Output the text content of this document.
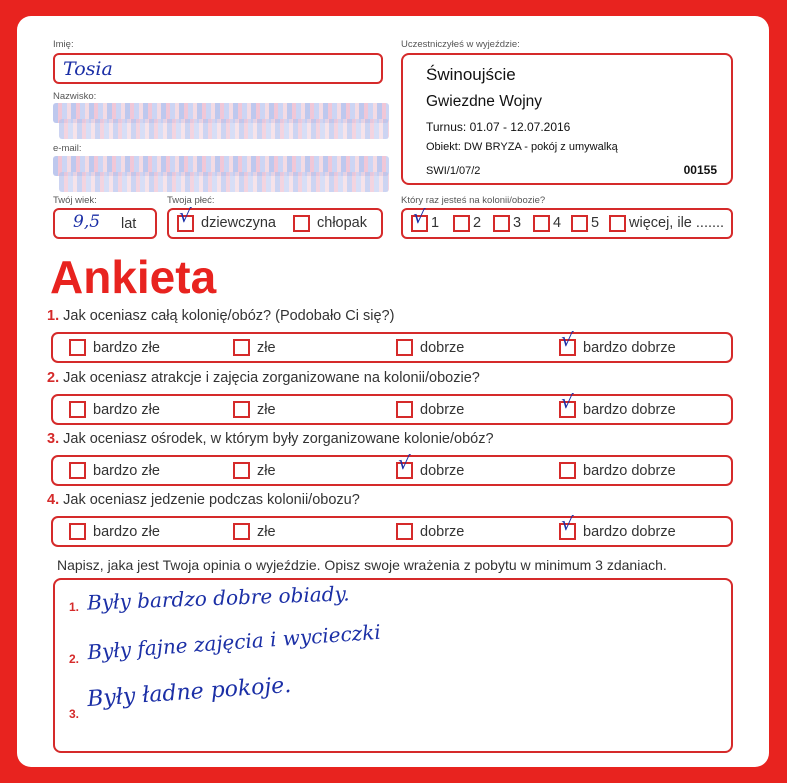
Imię:
Tosia
Nazwisko:
e-mail:
Twój wiek:
9,5 lat
Twoja płeć:
√ dziewczyna	chłopak
Uczestniczyłeś w wyjeździe:
Świnoujście
Gwiezdne Wojny
Turnus: 01.07 - 12.07.2016
Obiekt: DW BRYZA - pokój z umywalką
SWI/1/07/2	00155
Który raz jesteś na kolonii/obozie?
√ 1 2 3 4 5 więcej, ile .......
Ankieta
1. Jak oceniasz całą kolonię/obóz? (Podobało Ci się?)
bardzo złe	złe	dobrze	√ bardzo dobrze
2. Jak oceniasz atrakcje i zajęcia zorganizowane na kolonii/obozie?
bardzo złe	złe	dobrze	√ bardzo dobrze
3. Jak oceniasz ośrodek, w którym były zorganizowane kolonie/obóz?
bardzo złe	złe	√ dobrze	bardzo dobrze
4. Jak oceniasz jedzenie podczas kolonii/obozu?
bardzo złe	złe	dobrze	√ bardzo dobrze
Napisz, jaka jest Twoja opinia o wyjeździe. Opisz swoje wrażenia z pobytu w minimum 3 zdaniach.
1. Były bardzo dobre obiady.
2. Były fajne zajęcia i wycieczki
3.
Były ładne pokoje.
